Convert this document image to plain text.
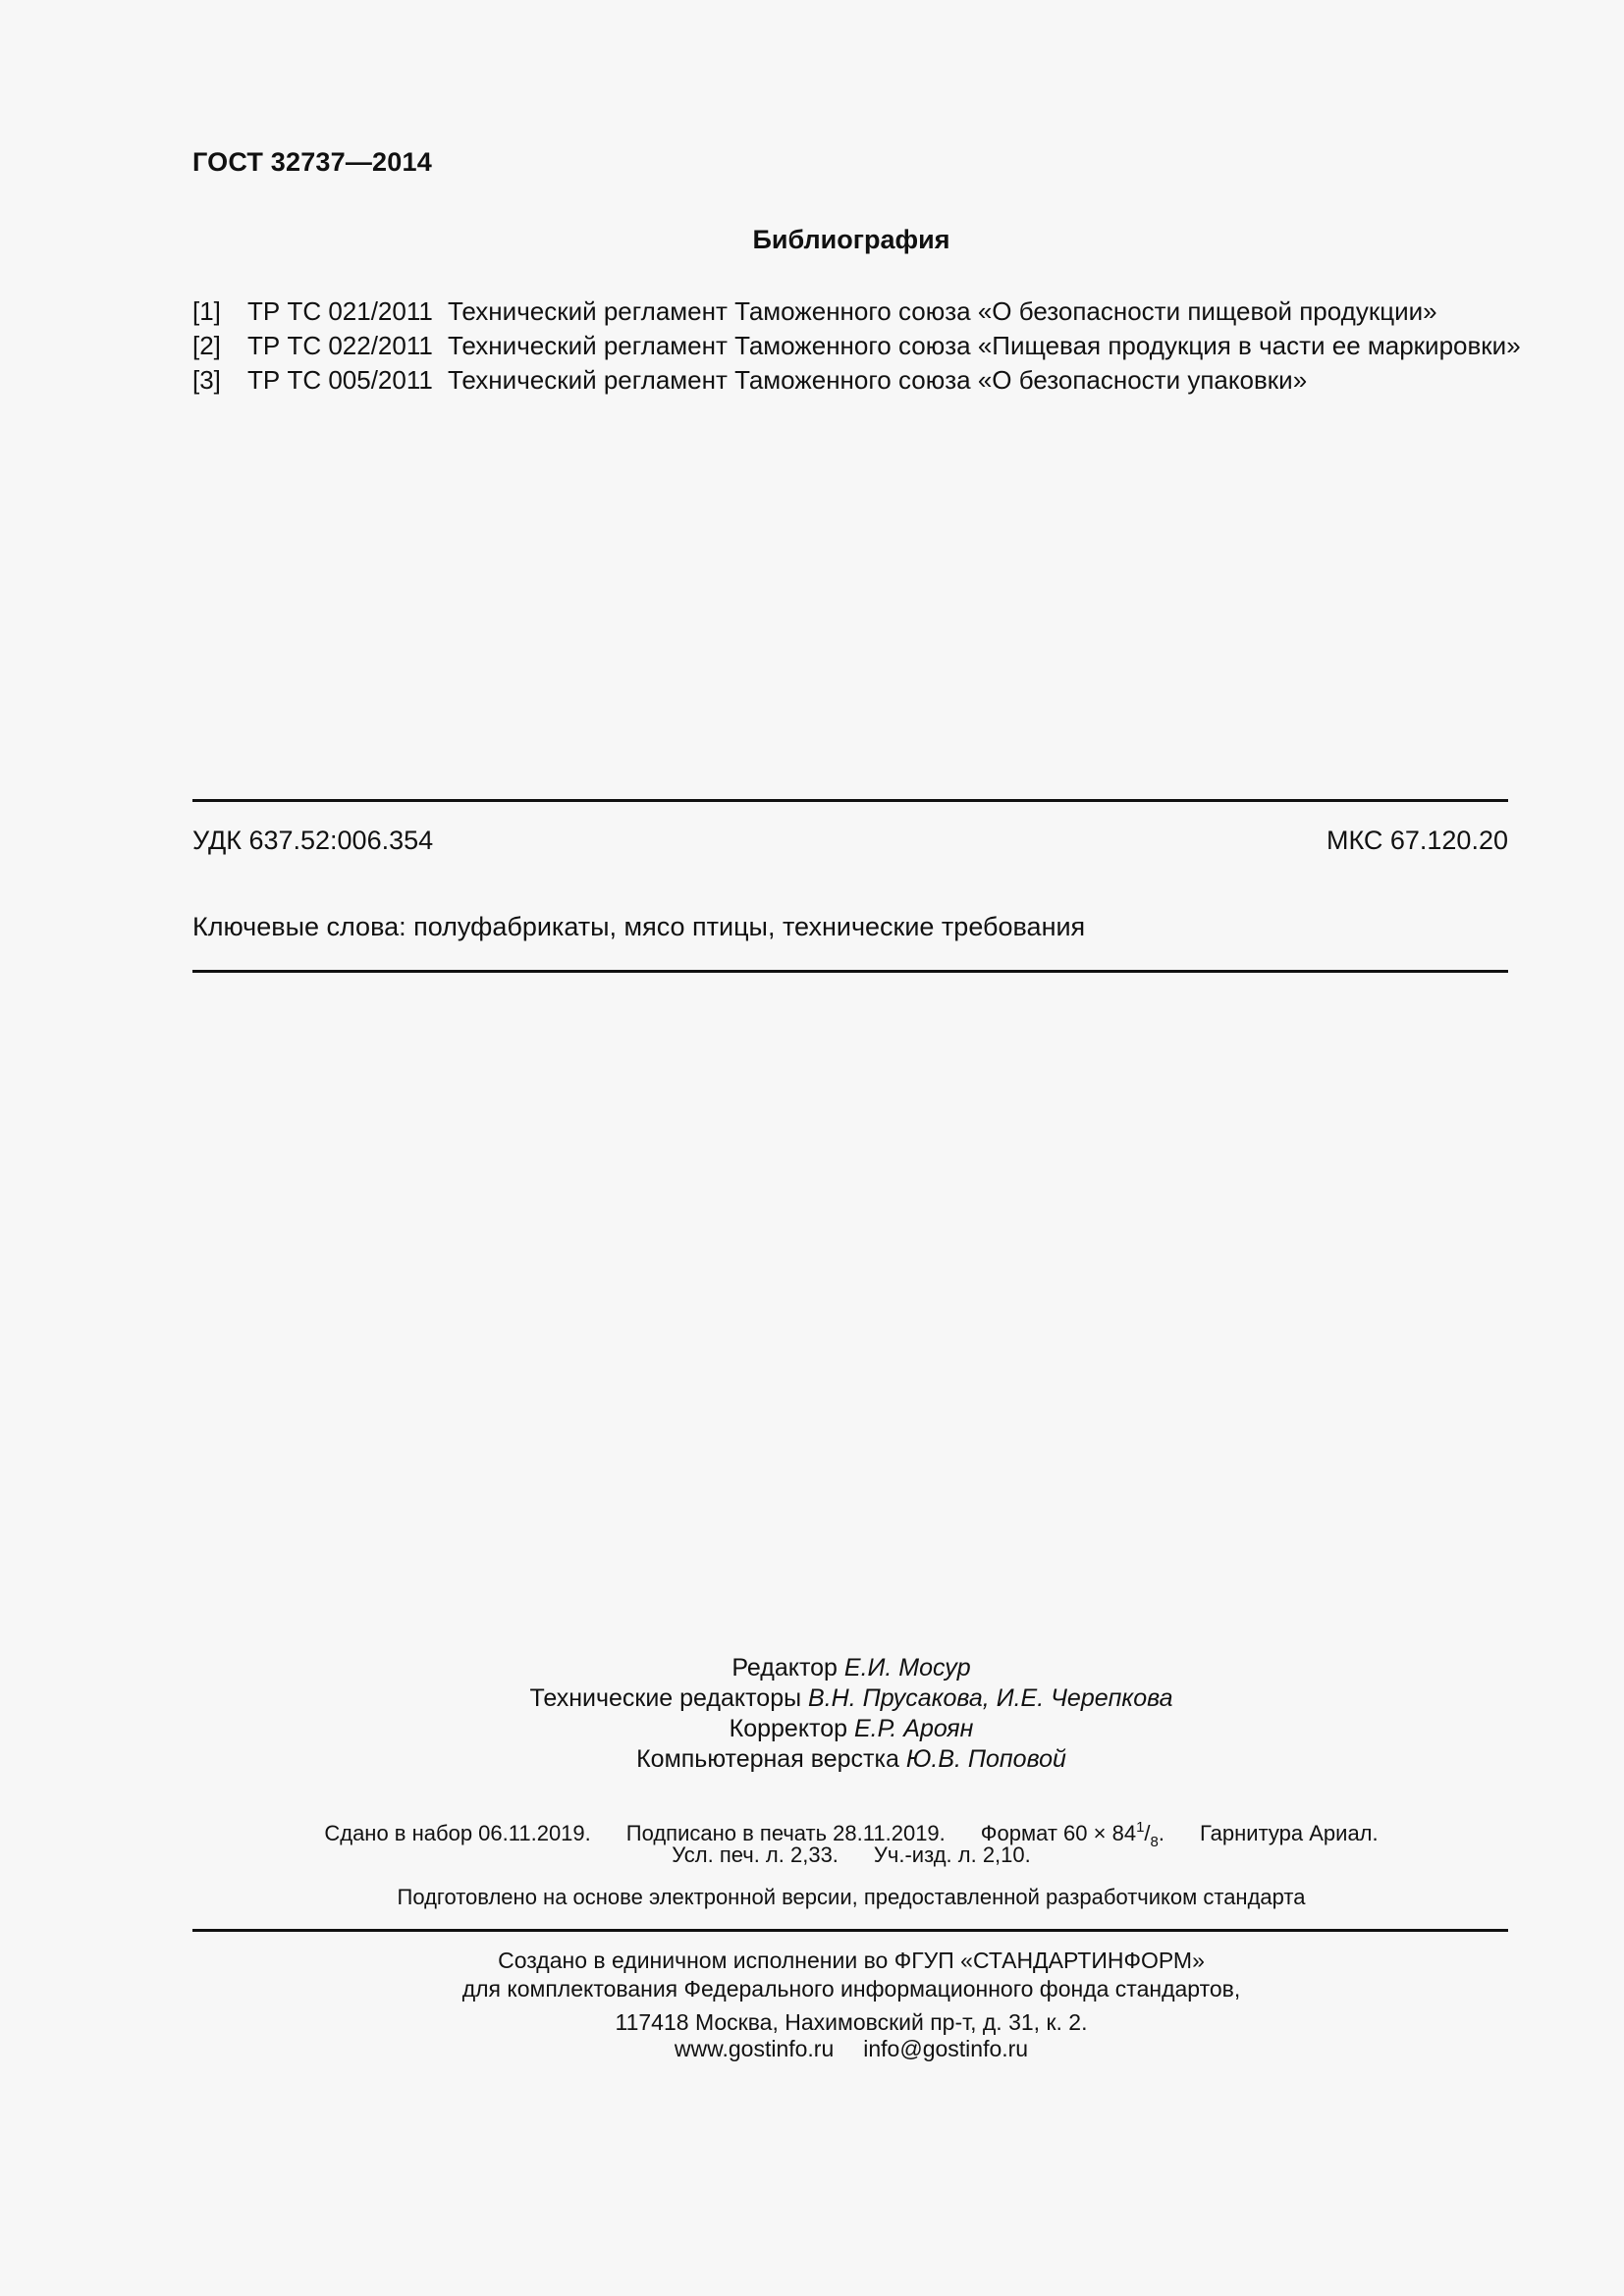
ГОСТ 32737—2014
Библиография
[1]	ТР ТС 021/2011 Технический регламент Таможенного союза «О безопасности пищевой продукции»
[2]	ТР ТС 022/2011 Технический регламент Таможенного союза «Пищевая продукция в части ее маркировки»
[3]	ТР ТС 005/2011 Технический регламент Таможенного союза «О безопасности упаковки»
УДК 637.52:006.354	МКС 67.120.20
Ключевые слова: полуфабрикаты, мясо птицы, технические требования
Редактор Е.И. Мосур
Технические редакторы В.Н. Прусакова, И.Е. Черепкова
Корректор Е.Р. Ароян
Компьютерная верстка Ю.В. Поповой
Сдано в набор 06.11.2019. Подписано в печать 28.11.2019. Формат $60 \times 84^1/_8$. Гарнитура Ариал.
Усл. печ. л. 2,33. Уч.-изд. л. 2,10.
Подготовлено на основе электронной версии, предоставленной разработчиком стандарта
Создано в единичном исполнении во ФГУП «СТАНДАРТИНФОРМ»
для комплектования Федерального информационного фонда стандартов,
117418 Москва, Нахимовский пр-т, д. 31, к. 2.
www.gostinfo.ru info@gostinfo.ru
